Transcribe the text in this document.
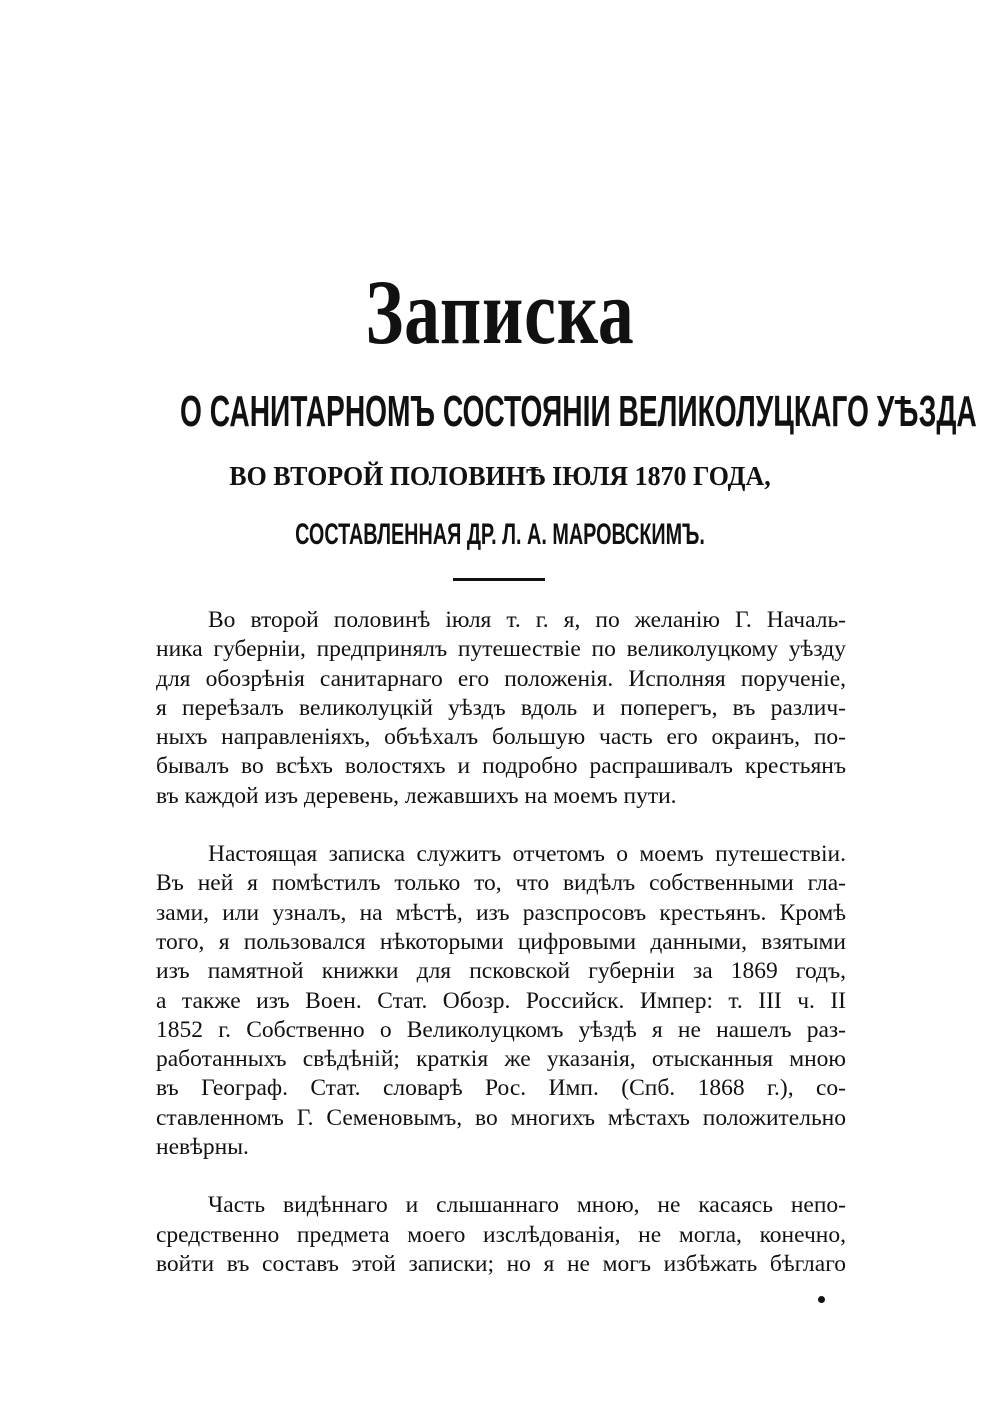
Записка
О САНИТАРНОМЪ СОСТОЯНІИ ВЕЛИКОЛУЦКАГО УѢЗДА
ВО ВТОРОЙ ПОЛОВИНѢ ІЮЛЯ 1870 ГОДА,
СОСТАВЛЕННАЯ ДР. Л. А. МАРОВСКИМЪ.
Во второй половинѣ іюля т. г. я, по желанію Г. Началь-
ника губерніи, предпринялъ путешествіе по великолуцкому уѣзду
для обозрѣнія санитарнаго его положенія. Исполняя порученіе,
я переѣзалъ великолуцкій уѣздъ вдоль и поперегъ, въ различ-
ныхъ направленіяхъ, объѣхалъ большую часть его окраинъ, по-
бывалъ во всѣхъ волостяхъ и подробно распрашивалъ крестьянъ
въ каждой изъ деревень, лежавшихъ на моемъ пути.
Настоящая записка служитъ отчетомъ о моемъ путешествіи.
Въ ней я помѣстилъ только то, что видѣлъ собственными гла-
зами, или узналъ, на мѣстѣ, изъ разспросовъ крестьянъ. Кромѣ
того, я пользовался нѣкоторыми цифровыми данными, взятыми
изъ памятной книжки для псковской губерніи за 1869 годъ,
а также изъ Воен. Стат. Обозр. Российск. Импер: т. III ч. II
1852 г. Собственно о Великолуцкомъ уѣздѣ я не нашелъ раз-
работанныхъ свѣдѣній; краткія же указанія, отысканныя мною
въ Географ. Стат. словарѣ Рос. Имп. (Спб. 1868 г.), со-
ставленномъ Г. Семеновымъ, во многихъ мѣстахъ положительно
невѣрны.
Часть видѣннаго и слышаннаго мною, не касаясь непо-
средственно предмета моего изслѣдованія, не могла, конечно,
войти въ составъ этой записки; но я не могъ избѣжать бѣглаго
